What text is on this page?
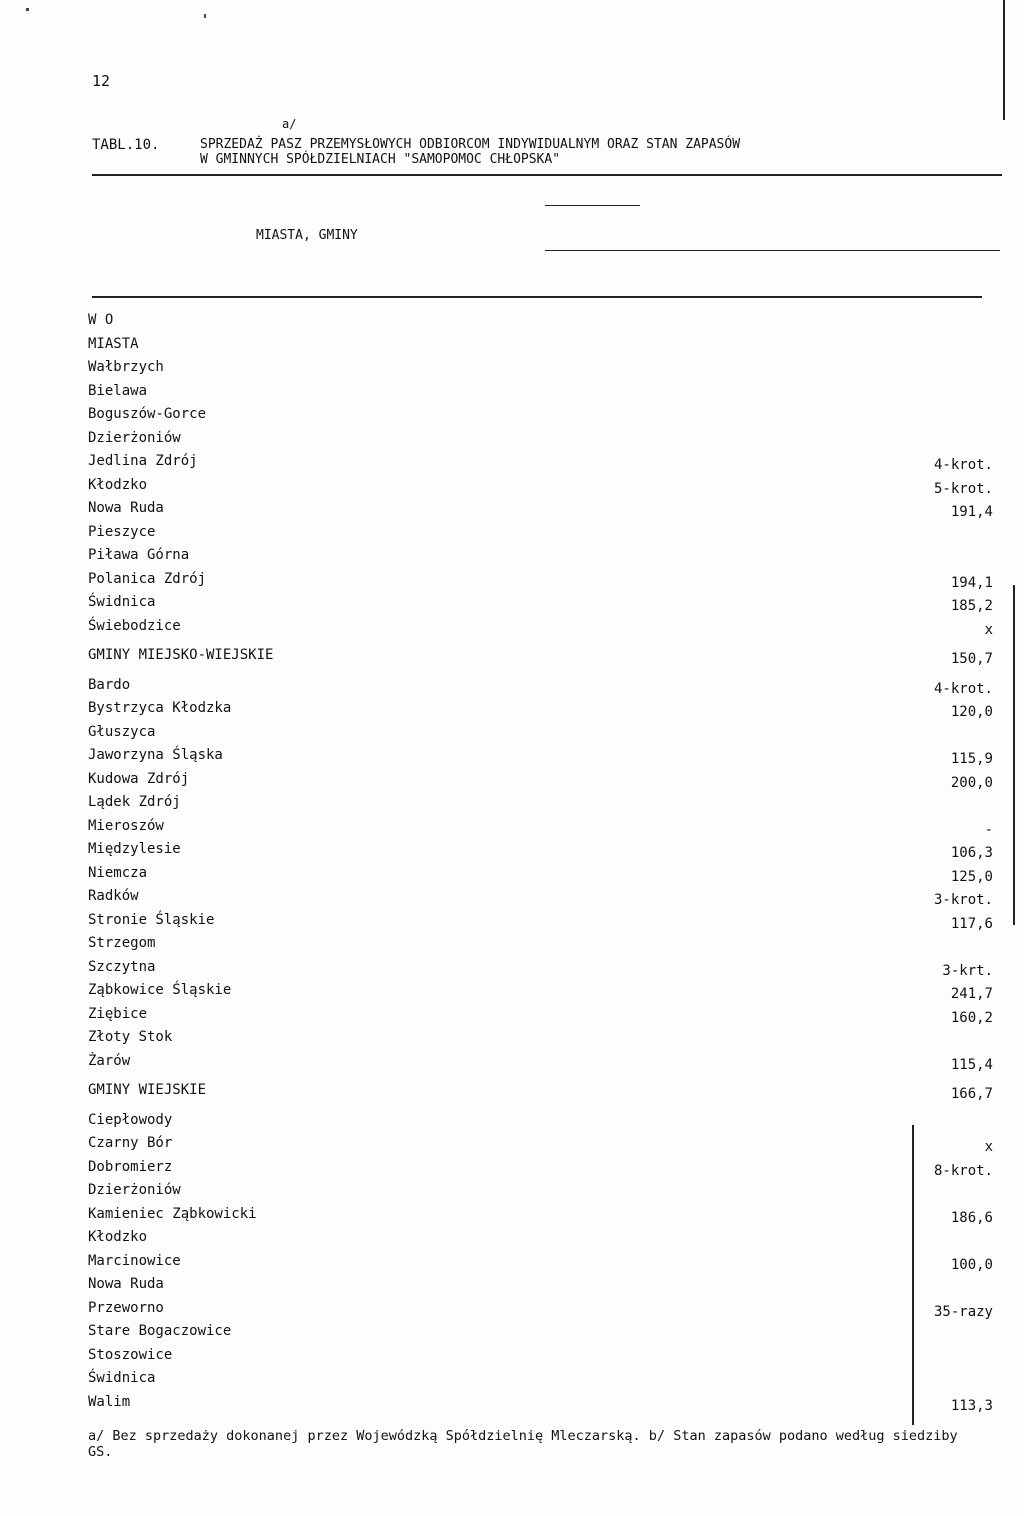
12
a/
TABL.10.	SPRZEDAŻ PASZ PRZEMYSŁOWYCH ODBIORCOM INDYWIDUALNYM ORAZ STAN ZAPASÓW
W GMINNYCH SPÓŁDZIELNIACH "SAMOPOMOC CHŁOPSKA"
MIASTA, GMINY
W O
MIASTA
Wałbrzych
Bielawa
Boguszów-Gorce
Dzierżoniów
Jedlina Zdrój	4-krot.
Kłodzko	5-krot.
Nowa Ruda	191,4
Pieszyce
Piława Górna
Polanica Zdrój	194,1
Świdnica	185,2
Świebodzice	x
GMINY MIEJSKO-WIEJSKIE	150,7
Bardo	4-krot.
Bystrzyca Kłodzka	120,0
Głuszyca
Jaworzyna Śląska	115,9
Kudowa Zdrój	200,0
Lądek Zdrój
Mieroszów	-
Międzylesie	106,3
Niemcza	125,0
Radków	3-krot.
Stronie Śląskie	117,6
Strzegom
Szczytna	3-krt.
Ząbkowice Śląskie	241,7
Ziębice	160,2
Złoty Stok
Żarów	115,4
GMINY WIEJSKIE	166,7
Ciepłowody
Czarny Bór	x
Dobromierz	8-krot.
Dzierżoniów
Kamieniec Ząbkowicki	186,6
Kłodzko
Marcinowice	100,0
Nowa Ruda
Przeworno	35-razy
Stare Bogaczowice
Stoszowice
Świdnica
Walim	113,3
a/ Bez sprzedaży dokonanej przez Wojewódzką Spółdzielnię Mleczarską. b/ Stan zapasów podano według siedziby GS.
